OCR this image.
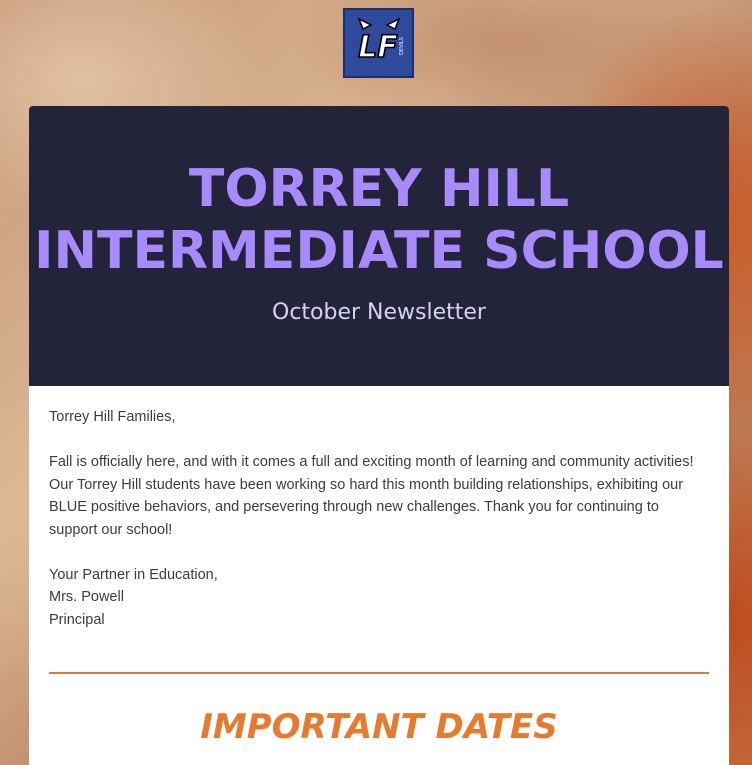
LF DEVILS
TORREY HILL
INTERMEDIATE SCHOOL
October Newsletter

Torrey Hill Families,

Fall is officially here, and with it comes a full and exciting month of learning and community activities! Our Torrey Hill students have been working so hard this month building relationships, exhibiting our BLUE positive behaviors, and persevering through new challenges. Thank you for continuing to support our school!

Your Partner in Education,

Mrs. Powell

Principal

IMPORTANT DATES
